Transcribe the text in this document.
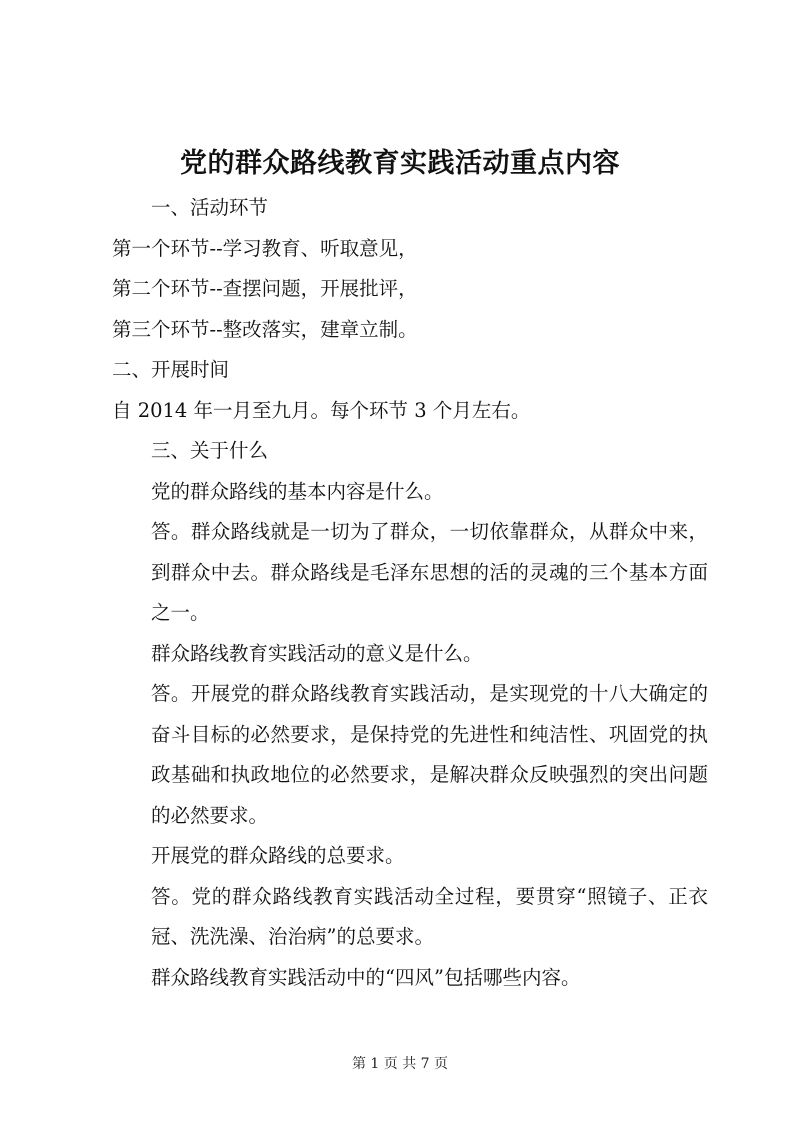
党的群众路线教育实践活动重点内容

一、活动环节

第一个环节--学习教育、听取意见，

第二个环节--查摆问题，开展批评，

第三个环节--整改落实，建章立制。

二、开展时间

自 2014 年一月至九月。每个环节 3 个月左右。

三、关于什么

党的群众路线的基本内容是什么。

答。群众路线就是一切为了群众，一切依靠群众，从群众中来，到群众中去。群众路线是毛泽东思想的活的灵魂的三个基本方面之一。

群众路线教育实践活动的意义是什么。

答。开展党的群众路线教育实践活动，是实现党的十八大确定的奋斗目标的必然要求，是保持党的先进性和纯洁性、巩固党的执政基础和执政地位的必然要求，是解决群众反映强烈的突出问题的必然要求。

开展党的群众路线的总要求。

答。党的群众路线教育实践活动全过程，要贯穿“照镜子、正衣冠、洗洗澡、治治病”的总要求。

群众路线教育实践活动中的“四风”包括哪些内容。

第 1 页 共 7 页
